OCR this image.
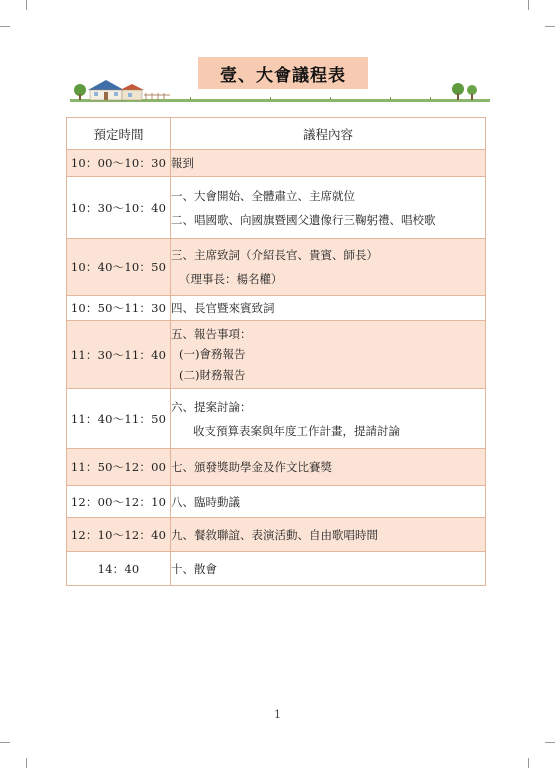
壹、大會議程表
預定時間	議程內容
10：00～10：30	報到

10：30～10：40	一、大會開始、全體肅立、主席就位
二、唱國歌、向國旗暨國父遺像行三鞠躬禮、唱校歌

10：40～10：50	三、主席致詞（介紹長官、貴賓、師長）
（理事長：楊名權）

10：50～11：30	四、長官暨來賓致詞

11：30～11：40	五、報告事項：
(一)會務報告
(二)財務報告

11：40～11：50	六、提案討論：
收支預算表案與年度工作計畫，提請討論

11：50～12：00	七、頒發獎助學金及作文比賽獎

12：00～12：10	八、臨時動議

12：10～12：40	九、餐敘聯誼、表演活動、自由歌唱時間

14：40	十、散會
1
